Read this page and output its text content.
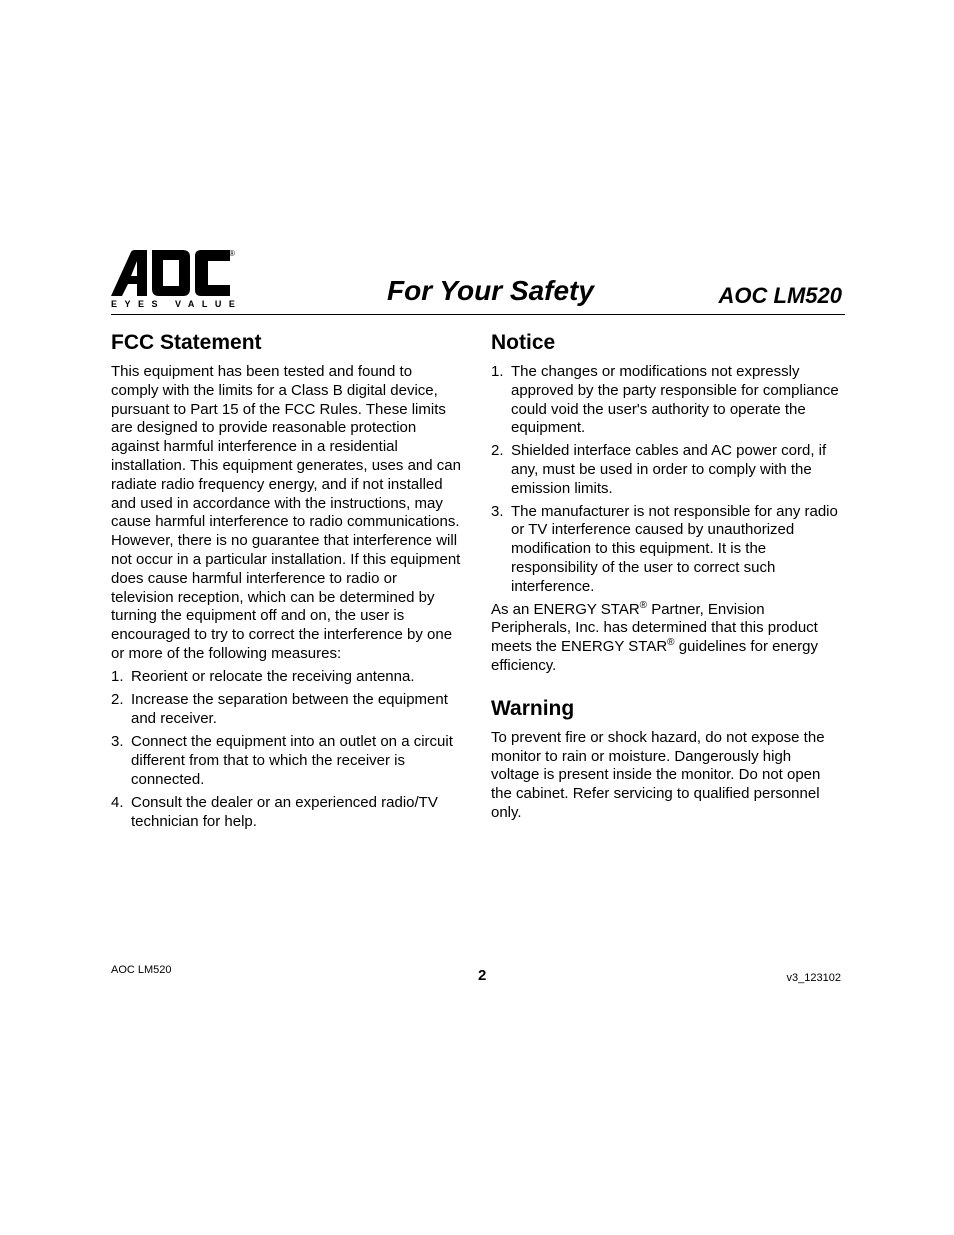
®
EYES VALUE	For Your Safety	AOC LM520
FCC Statement

This equipment has been tested and found to comply with the limits for a Class B digital device, pursuant to Part 15 of the FCC Rules. These limits are designed to provide reasonable protection against harmful interference in a residential installation. This equipment generates, uses and can radiate radio frequency energy, and if not installed and used in accordance with the instructions, may cause harmful interference to radio communications. However, there is no guarantee that interference will not occur in a particular installation. If this equipment does cause harmful interference to radio or television reception, which can be determined by turning the equipment off and on, the user is encouraged to try to correct the interference by one or more of the following measures:

1. Reorient or relocate the receiving antenna.
2. Increase the separation between the equipment and receiver.
3. Connect the equipment into an outlet on a circuit different from that to which the receiver is connected.
4. Consult the dealer or an experienced radio/TV technician for help.
Notice
1. The changes or modifications not expressly approved by the party responsible for compliance could void the user's authority to operate the equipment.
2. Shielded interface cables and AC power cord, if any, must be used in order to comply with the emission limits.
3. The manufacturer is not responsible for any radio or TV interference caused by unauthorized modification to this equipment. It is the responsibility of the user to correct such interference.

As an ENERGY STAR® Partner, Envision Peripherals, Inc. has determined that this product
meets the ENERGY STAR® guidelines for energy efficiency.

Warning

To prevent fire or shock hazard, do not expose the monitor to rain or moisture. Dangerously high voltage is present inside the monitor. Do not open the cabinet. Refer servicing to qualified personnel only.

AOC LM520	2	v3_123102
